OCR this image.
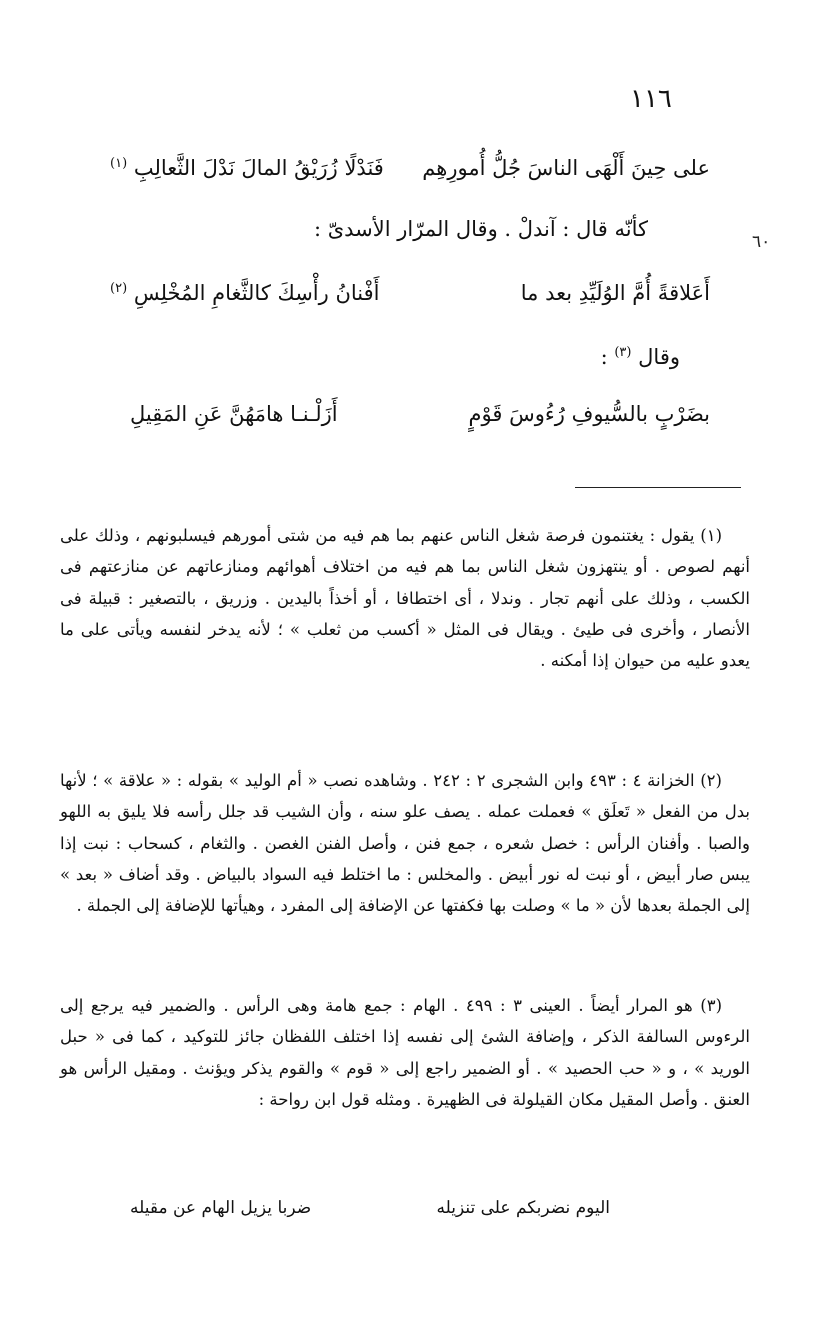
١١٦
٦٠
على حِينَ أَلْهَى الناسَ جُلُّ أُمورِهِم
فَنَدْلًا زُرَيْقُ المالَ نَدْلَ الثَّعالِبِ $^{(١)}$
كأنّه قال : آندلْ . وقال المرّار الأسدىّ :
أَعَلاقةً أُمَّ الوُلَيِّدِ بعد ما
أَفْنانُ رأْسِكَ كالثَّغامِ المُخْلِسِ $^{(٢)}$
وقال $^{(٣)}$ :
بضَرْبٍ بالسُّيوفِ رُءُوسَ قَوْمٍ
أَزَلْـنـا هامَهُنَّ عَنِ المَقِيلِ

(١) يقول : يغتنمون فرصة شغل الناس عنهم بما هم فيه من شتى أمورهم فيسلبونهم ، وذلك على أنهم لصوص . أو ينتهزون شغل الناس بما هم فيه من اختلاف أهوائهم ومنازعاتهم عن منازعتهم فى الكسب ، وذلك على أنهم تجار . وندلا ، أى اختطافا ، أو أخذاً باليدين . وزريق ، بالتصغير : قبيلة فى الأنصار ، وأخرى فى طيئ . ويقال فى المثل « أكسب من ثعلب » ؛ لأنه يدخر لنفسه ويأتى على ما يعدو عليه من حيوان إذا أمكنه .

(٢) الخزانة ٤ : ٤٩٣ وابن الشجرى ٢ : ٢٤٢ . وشاهده نصب « أم الوليد » بقوله : « علاقة » ؛ لأنها بدل من الفعل « تَعلَق » فعملت عمله . يصف علو سنه ، وأن الشيب قد جلل رأسه فلا يليق به اللهو والصبا . وأفنان الرأس : خصل شعره ، جمع فنن ، وأصل الفنن الغصن . والثغام ، كسحاب : نبت إذا يبس صار أبيض ، أو نبت له نور أبيض . والمخلس : ما اختلط فيه السواد بالبياض . وقد أضاف « بعد » إلى الجملة بعدها لأن « ما » وصلت بها فكفتها عن الإضافة إلى المفرد ، وهيأتها للإضافة إلى الجملة .

(٣) هو المرار أيضاً . العينى ٣ : ٤٩٩ . الهام : جمع هامة وهى الرأس . والضمير فيه يرجع إلى الرءوس السالفة الذكر ، وإضافة الشئ إلى نفسه إذا اختلف اللفظان جائز للتوكيد ، كما فى « حبل الوريد » ، و « حب الحصيد » . أو الضمير راجع إلى « قوم » والقوم يذكر ويؤنث . ومقيل الرأس هو العنق . وأصل المقيل مكان القيلولة فى الظهيرة . ومثله قول ابن رواحة :

اليوم نضربكم على تنزيله
ضربا يزيل الهام عن مقيله
